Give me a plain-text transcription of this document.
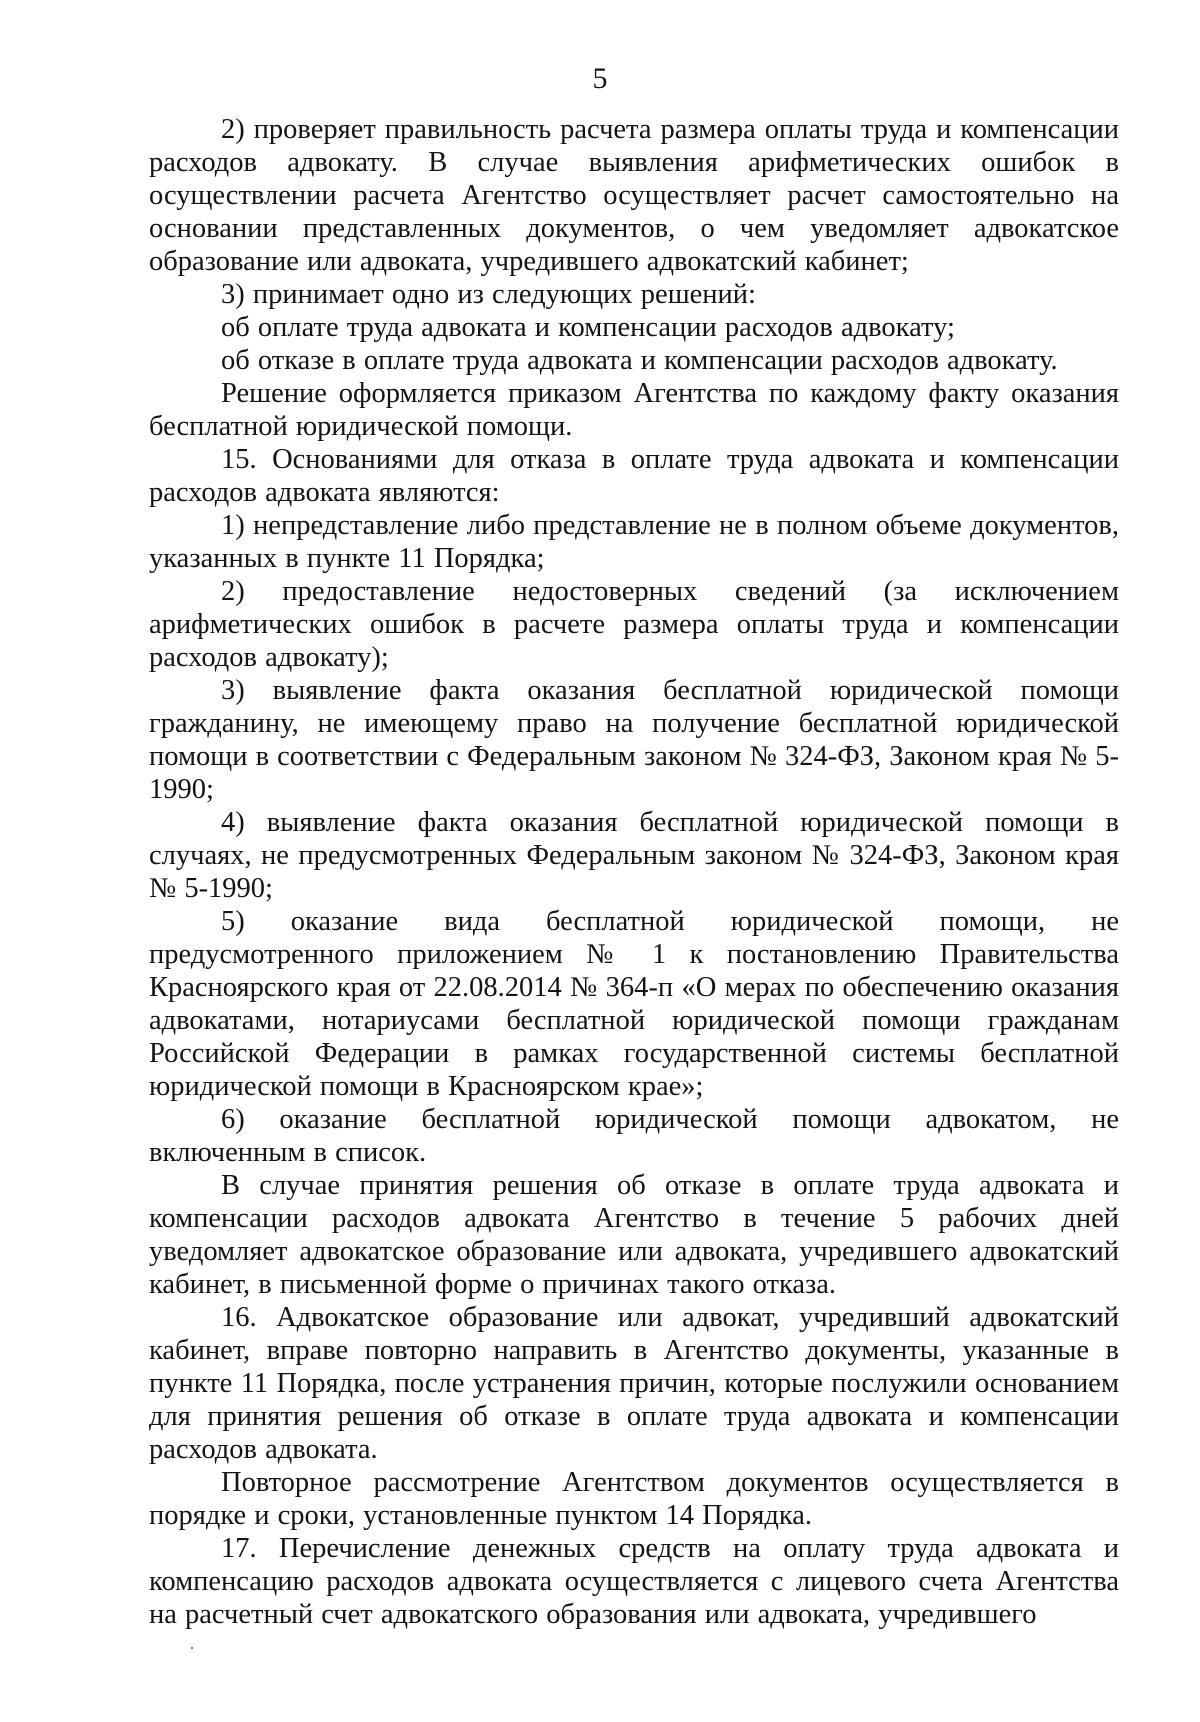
5

2) проверяет правильность расчета размера оплаты труда и компенсации расходов адвокату. В случае выявления арифметических ошибок в осуществлении расчета Агентство осуществляет расчет самостоятельно на основании представленных документов, о чем уведомляет адвокатское образование или адвоката, учредившего адвокатский кабинет;

3) принимает одно из следующих решений:

об оплате труда адвоката и компенсации расходов адвокату;

об отказе в оплате труда адвоката и компенсации расходов адвокату.

Решение оформляется приказом Агентства по каждому факту оказания бесплатной юридической помощи.

15. Основаниями для отказа в оплате труда адвоката и компенсации расходов адвоката являются:

1) непредставление либо представление не в полном объеме документов, указанных в пункте 11 Порядка;

2) предоставление недостоверных сведений (за исключением арифметических ошибок в расчете размера оплаты труда и компенсации расходов адвокату);

3) выявление факта оказания бесплатной юридической помощи гражданину, не имеющему право на получение бесплатной юридической помощи в соответствии с Федеральным законом № 324-ФЗ, Законом края № 5-1990;

4) выявление факта оказания бесплатной юридической помощи в случаях, не предусмотренных Федеральным законом № 324-ФЗ, Законом края № 5-1990;

5) оказание вида бесплатной юридической помощи, не предусмотренного приложением № 1 к постановлению Правительства Красноярского края от 22.08.2014 № 364-п «О мерах по обеспечению оказания адвокатами, нотариусами бесплатной юридической помощи гражданам Российской Федерации в рамках государственной системы бесплатной юридической помощи в Красноярском крае»;

6) оказание бесплатной юридической помощи адвокатом, не включенным в список.

В случае принятия решения об отказе в оплате труда адвоката и компенсации расходов адвоката Агентство в течение 5 рабочих дней уведомляет адвокатское образование или адвоката, учредившего адвокатский кабинет, в письменной форме о причинах такого отказа.

16. Адвокатское образование или адвокат, учредивший адвокатский кабинет, вправе повторно направить в Агентство документы, указанные в пункте 11 Порядка, после устранения причин, которые послужили основанием для принятия решения об отказе в оплате труда адвоката и компенсации расходов адвоката.

Повторное рассмотрение Агентством документов осуществляется в порядке и сроки, установленные пунктом 14 Порядка.

17. Перечисление денежных средств на оплату труда адвоката и компенсацию расходов адвоката осуществляется с лицевого счета Агентства на расчетный счет адвокатского образования или адвоката, учредившего
